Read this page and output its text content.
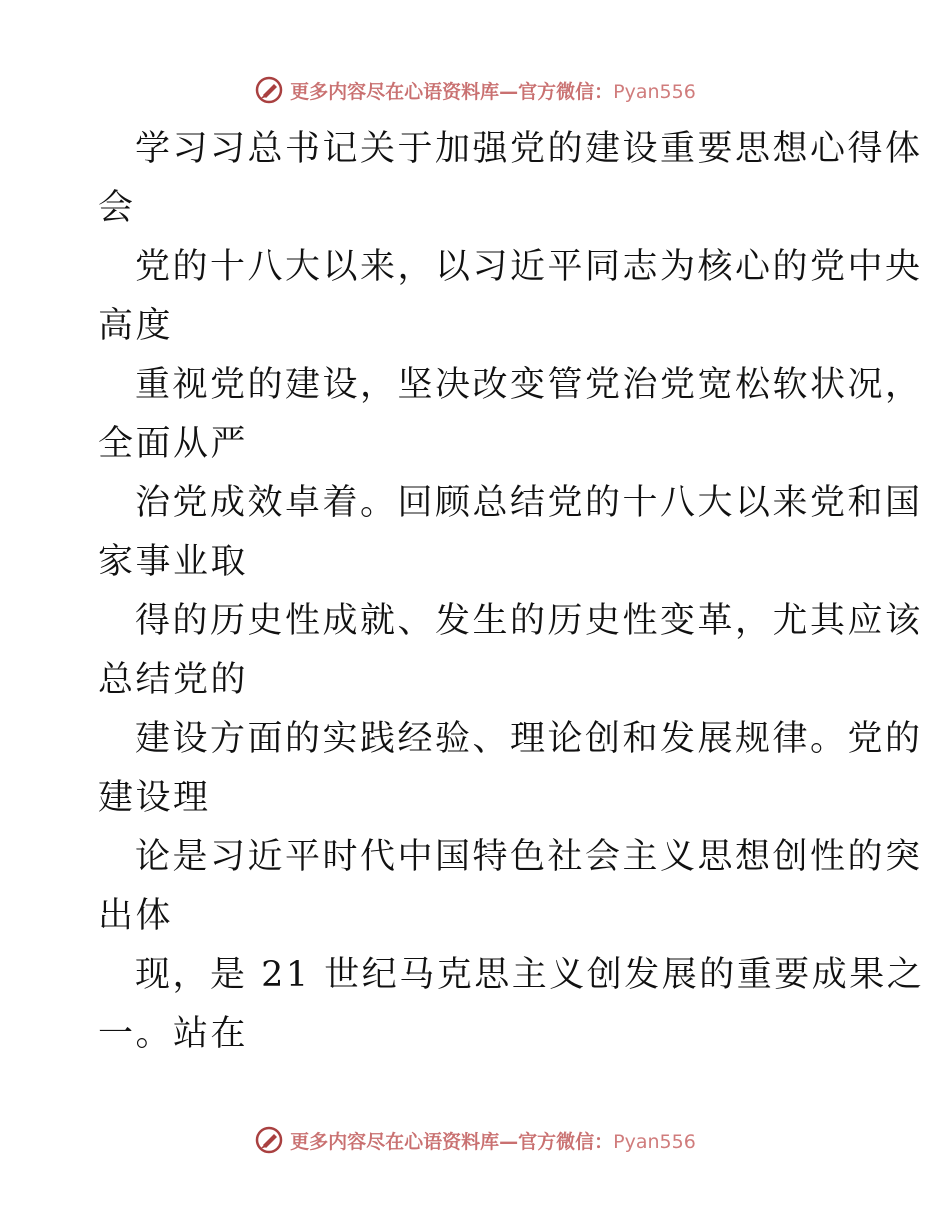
更多内容尽在心语资料库—官方微信：Pyan556
学习习总书记关于加强党的建设重要思想心得体
会
党的十八大以来，以习近平同志为核心的党中央
高度
重视党的建设，坚决改变管党治党宽松软状况，
全面从严
治党成效卓着。回顾总结党的十八大以来党和国
家事业取
得的历史性成就、发生的历史性变革，尤其应该
总结党的
建设方面的实践经验、理论创和发展规律。党的
建设理
论是习近平时代中国特色社会主义思想创性的突
出体
现，是 21 世纪马克思主义创发展的重要成果之
一。站在
更多内容尽在心语资料库—官方微信：Pyan556
